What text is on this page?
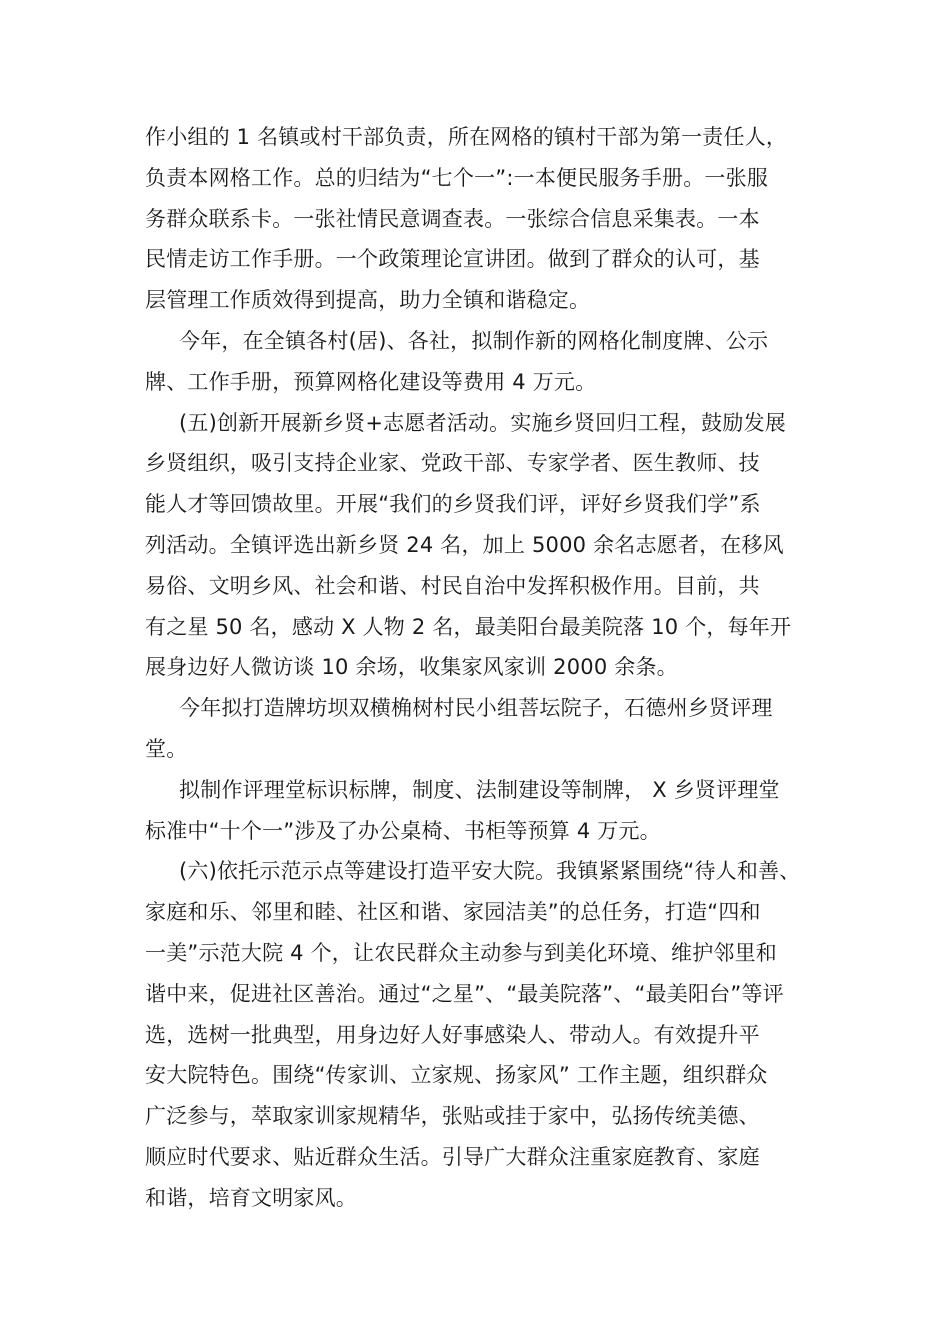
作小组的 1 名镇或村干部负责，所在网格的镇村干部为第一责任人，
负责本网格工作。总的归结为“七个一”:一本便民服务手册。一张服
务群众联系卡。一张社情民意调查表。一张综合信息采集表。一本
民情走访工作手册。一个政策理论宣讲团。做到了群众的认可，基
层管理工作质效得到提高，助力全镇和谐稳定。
今年，在全镇各村(居)、各社，拟制作新的网格化制度牌、公示
牌、工作手册，预算网格化建设等费用 4 万元。
(五)创新开展新乡贤+志愿者活动。实施乡贤回归工程，鼓励发展
乡贤组织，吸引支持企业家、党政干部、专家学者、医生教师、技
能人才等回馈故里。开展“我们的乡贤我们评，评好乡贤我们学”系
列活动。全镇评选出新乡贤 24 名，加上 5000 余名志愿者，在移风
易俗、文明乡风、社会和谐、村民自治中发挥积极作用。目前，共
有之星 50 名，感动 X 人物 2 名，最美阳台最美院落 10 个，每年开
展身边好人微访谈 10 余场，收集家风家训 2000 余条。
今年拟打造牌坊坝双横桷树村民小组菩坛院子，石德州乡贤评理
堂。
拟制作评理堂标识标牌，制度、法制建设等制牌， X 乡贤评理堂
标准中“十个一”涉及了办公桌椅、书柜等预算 4 万元。
(六)依托示范示点等建设打造平安大院。我镇紧紧围绕“待人和善、
家庭和乐、邻里和睦、社区和谐、家园洁美”的总任务，打造“四和
一美”示范大院 4 个，让农民群众主动参与到美化环境、维护邻里和
谐中来，促进社区善治。通过“之星”、“最美院落”、“最美阳台”等评
选，选树一批典型，用身边好人好事感染人、带动人。有效提升平
安大院特色。围绕“传家训、立家规、扬家风” 工作主题，组织群众
广泛参与，萃取家训家规精华，张贴或挂于家中，弘扬传统美德、
顺应时代要求、贴近群众生活。引导广大群众注重家庭教育、家庭
和谐，培育文明家风。
